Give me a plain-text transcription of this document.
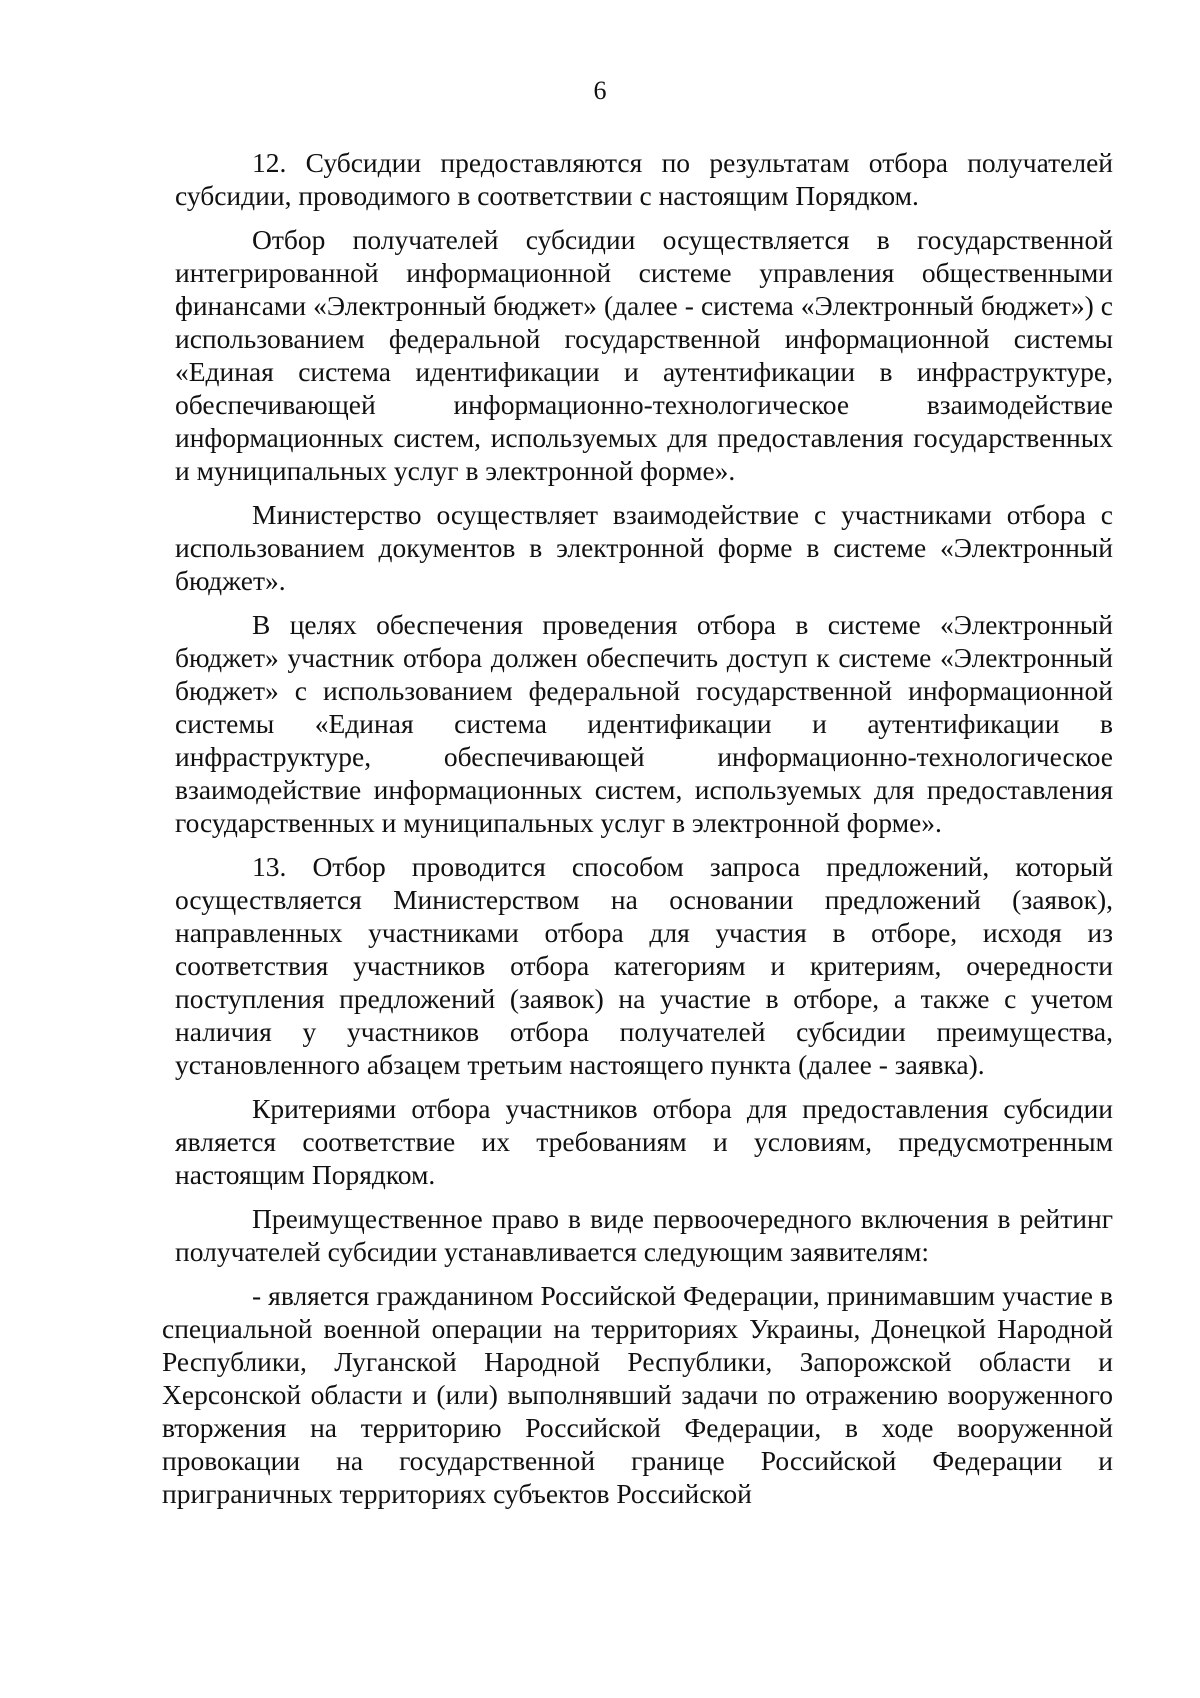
6

12. Субсидии предоставляются по результатам отбора получателей субсидии, проводимого в соответствии с настоящим Порядком.

Отбор получателей субсидии осуществляется в государственной интегрированной информационной системе управления общественными финансами «Электронный бюджет» (далее - система «Электронный бюджет») с использованием федеральной государственной информационной системы «Единая система идентификации и аутентификации в инфраструктуре, обеспечивающей информационно-технологическое взаимодействие информационных систем, используемых для предоставления государственных и муниципальных услуг в электронной форме».

Министерство осуществляет взаимодействие с участниками отбора с использованием документов в электронной форме в системе «Электронный бюджет».

В целях обеспечения проведения отбора в системе «Электронный бюджет» участник отбора должен обеспечить доступ к системе «Электронный бюджет» с использованием федеральной государственной информационной системы «Единая система идентификации и аутентификации в инфраструктуре, обеспечивающей информационно-технологическое взаимодействие информационных систем, используемых для предоставления государственных и муниципальных услуг в электронной форме».

13. Отбор проводится способом запроса предложений, который осуществляется Министерством на основании предложений (заявок), направленных участниками отбора для участия в отборе, исходя из соответствия участников отбора категориям и критериям, очередности поступления предложений (заявок) на участие в отборе, а также с учетом наличия у участников отбора получателей субсидии преимущества, установленного абзацем третьим настоящего пункта (далее - заявка).

Критериями отбора участников отбора для предоставления субсидии является соответствие их требованиям и условиям, предусмотренным настоящим Порядком.

Преимущественное право в виде первоочередного включения в рейтинг получателей субсидии устанавливается следующим заявителям:

- является гражданином Российской Федерации, принимавшим участие в специальной военной операции на территориях Украины, Донецкой Народной Республики, Луганской Народной Республики, Запорожской области и Херсонской области и (или) выполнявший задачи по отражению вооруженного вторжения на территорию Российской Федерации, в ходе вооруженной провокации на государственной границе Российской Федерации и приграничных территориях субъектов Российской
